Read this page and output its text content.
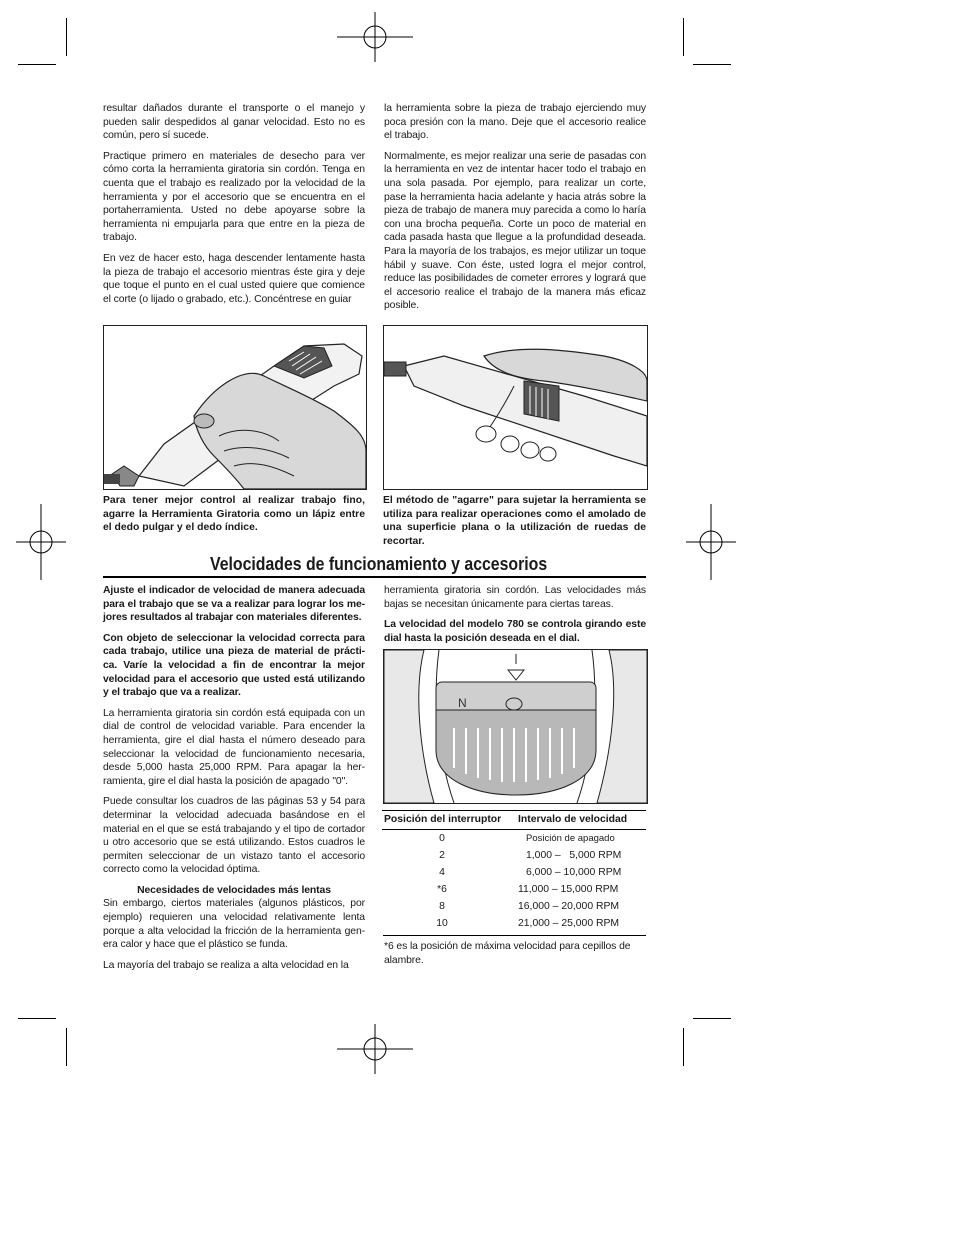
resultar dañados durante el transporte o el manejo y pueden salir despedidos al ganar velocidad. Esto no es común, pero sí sucede.

Practique primero en materiales de desecho para ver cómo corta la herramienta giratoria sin cordón. Tenga en cuenta que el trabajo es realizado por la velocidad de la herramienta y por el accesorio que se encuentra en el portaherramienta. Usted no debe apoyarse sobre la herramienta ni empujarla para que entre en la pieza de trabajo.

En vez de hacer esto, haga descender lentamente hasta la pieza de trabajo el accesorio mientras éste gira y deje que toque el punto en el cual usted quiere que comience el corte (o lijado o grabado, etc.). Concéntrese en guiar

la herramienta sobre la pieza de trabajo ejerciendo muy poca presión con la mano. Deje que el accesorio realice el trabajo.

Normalmente, es mejor realizar una serie de pasadas con la herramienta en vez de intentar hacer todo el trabajo en una sola pasada. Por ejemplo, para realizar un corte, pase la herramienta hacia adelante y hacia atrás sobre la pieza de trabajo de manera muy parecida a como lo haría con una brocha pequeña. Corte un poco de material en cada pasada hasta que llegue a la profundidad deseada. Para la mayoría de los trabajos, es mejor utilizar un toque hábil y suave. Con éste, usted logra el mejor control, reduce las posibilidades de cometer errores y logrará que el accesorio realice el trabajo de la manera más eficaz posible.

Para tener mejor control al realizar trabajo fino, agarre la Herramienta Giratoria como un lápiz entre el dedo pulgar y el dedo índice.
El método de "agarre" para sujetar la herramienta se utiliza para realizar operaciones como el amolado de una superficie plana o la utilización de ruedas de recortar.
Velocidades de funcionamiento y accesorios

Ajuste el indicador de velocidad de manera adecuada para el trabajo que se va a realizar para lograr los me- jores resultados al trabajar con materiales diferentes.

Con objeto de seleccionar la velocidad correcta para cada trabajo, utilice una pieza de material de prácti- ca. Varíe la velocidad a fin de encontrar la mejor velocidad para el accesorio que usted está utilizando y el trabajo que va a realizar.

La herramienta giratoria sin cordón está equipada con un dial de control de velocidad variable. Para encender la herramienta, gire el dial hasta el número deseado para seleccionar la velocidad de funcionamiento necesaria, desde 5,000 hasta 25,000 RPM. Para apagar la her- ramienta, gire el dial hasta la posición de apagado "0".

Puede consultar los cuadros de las páginas 53 y 54 para determinar la velocidad adecuada basándose en el material en el que se está trabajando y el tipo de cortador u otro accesorio que se está utilizando. Estos cuadros le permiten seleccionar de un vistazo tanto el accesorio correcto como la velocidad óptima.

Necesidades de velocidades más lentas

Sin embargo, ciertos materiales (algunos plásticos, por ejemplo) requieren una velocidad relativamente lenta porque a alta velocidad la fricción de la herramienta gen- era calor y hace que el plástico se funda.

La mayoría del trabajo se realiza a alta velocidad en la

herramienta giratoria sin cordón. Las velocidades más bajas se necesitan únicamente para ciertas tareas.

La velocidad del modelo 780 se controla girando este dial hasta la posición deseada en el dial.

N
Posición del interruptor	Intervalo de velocidad
0	Posición de apagado
2	1,000 –   5,000 RPM
4	6,000 – 10,000 RPM
*6	11,000 – 15,000 RPM
8	16,000 – 20,000 RPM
10	21,000 – 25,000 RPM
*6 es la posición de máxima velocidad para cepillos de alambre.
